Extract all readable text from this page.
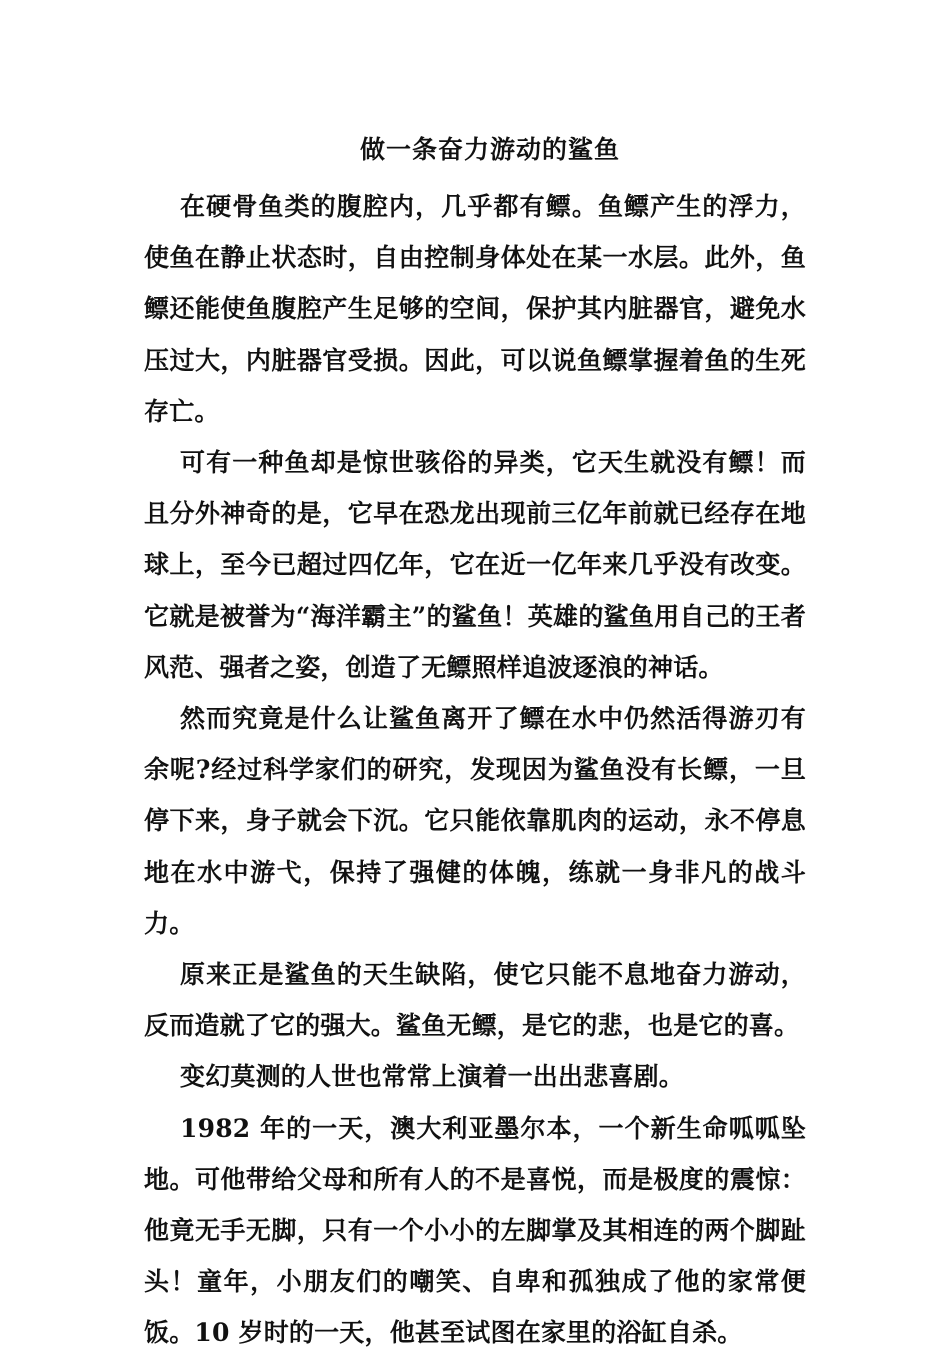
做一条奋力游动的鲨鱼

在硬骨鱼类的腹腔内，几乎都有鳔。鱼鳔产生的浮力，使鱼在静止状态时，自由控制身体处在某一水层。此外，鱼鳔还能使鱼腹腔产生足够的空间，保护其内脏器官，避免水压过大，内脏器官受损。因此，可以说鱼鳔掌握着鱼的生死存亡。

可有一种鱼却是惊世骇俗的异类，它天生就没有鳔！而且分外神奇的是，它早在恐龙出现前三亿年前就已经存在地球上，至今已超过四亿年，它在近一亿年来几乎没有改变。它就是被誉为“海洋霸主”的鲨鱼！英雄的鲨鱼用自己的王者风范、强者之姿，创造了无鳔照样追波逐浪的神话。

然而究竟是什么让鲨鱼离开了鳔在水中仍然活得游刃有余呢?经过科学家们的研究，发现因为鲨鱼没有长鳔，一旦停下来，身子就会下沉。它只能依靠肌肉的运动，永不停息地在水中游弋，保持了强健的体魄，练就一身非凡的战斗力。

原来正是鲨鱼的天生缺陷，使它只能不息地奋力游动，反而造就了它的强大。鲨鱼无鳔，是它的悲，也是它的喜。

变幻莫测的人世也常常上演着一出出悲喜剧。

1982 年的一天，澳大利亚墨尔本，一个新生命呱呱坠地。可他带给父母和所有人的不是喜悦，而是极度的震惊：他竟无手无脚，只有一个小小的左脚掌及其相连的两个脚趾头！童年，小朋友们的嘲笑、自卑和孤独成了他的家常便饭。10 岁时的一天，他甚至试图在家里的浴缸自杀。
